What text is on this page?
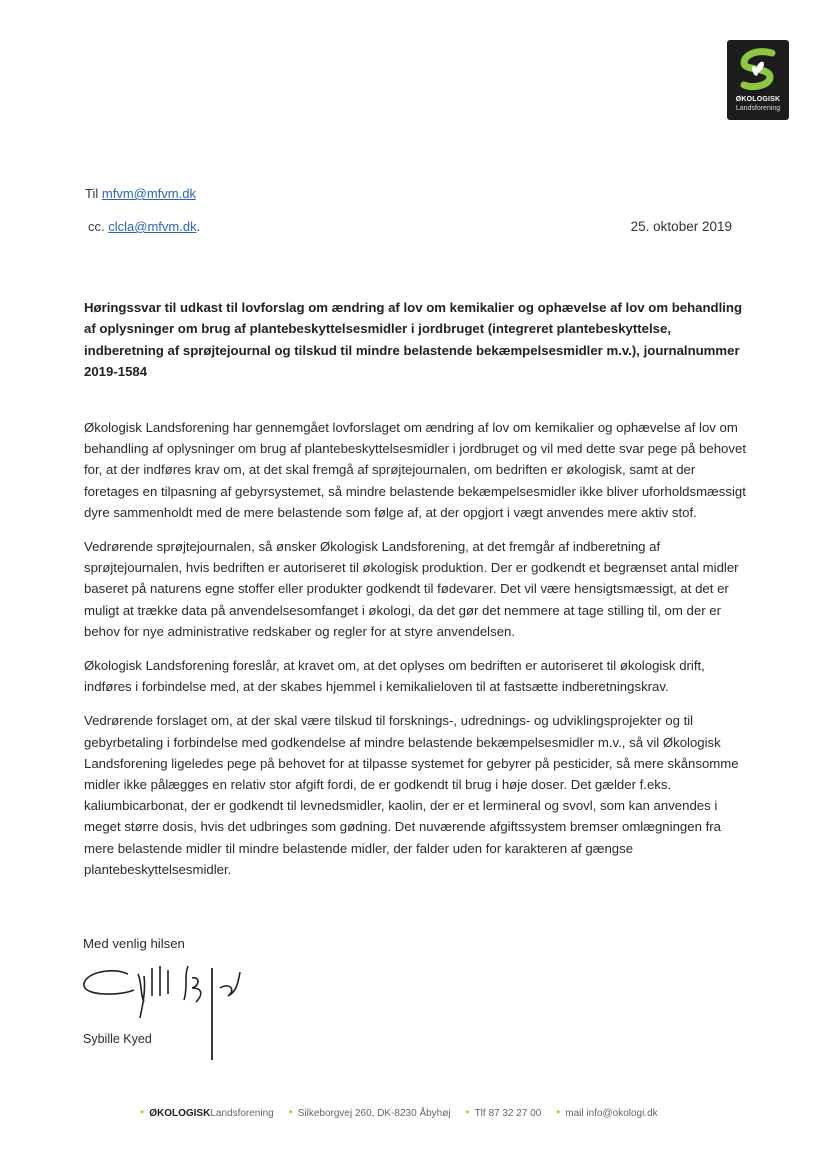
ØKOLOGISK
Landsforening
Til mfvm@mfvm.dk
cc. clcla@mfvm.dk.	25. oktober 2019
Høringssvar til udkast til lovforslag om ændring af lov om kemikalier og ophævelse af lov om behandling af oplysninger om brug af plantebeskyttelsesmidler i jordbruget (integreret plantebeskyttelse, indberetning af sprøjtejournal og tilskud til mindre belastende bekæmpelsesmidler m.v.), journalnummer 2019-1584

Økologisk Landsforening har gennemgået lovforslaget om ændring af lov om kemikalier og ophævelse af lov om behandling af oplysninger om brug af plantebeskyttelsesmidler i jordbruget og vil med dette svar pege på behovet for, at der indføres krav om, at det skal fremgå af sprøjtejournalen, om bedriften er økologisk, samt at der foretages en tilpasning af gebyrsystemet, så mindre belastende bekæmpelsesmidler ikke bliver uforholdsmæssigt dyre sammenholdt med de mere belastende som følge af, at der opgjort i vægt anvendes mere aktiv stof.

Vedrørende sprøjtejournalen, så ønsker Økologisk Landsforening, at det fremgår af indberetning af sprøjtejournalen, hvis bedriften er autoriseret til økologisk produktion. Der er godkendt et begrænset antal midler baseret på naturens egne stoffer eller produkter godkendt til fødevarer. Det vil være hensigtsmæssigt, at det er muligt at trække data på anvendelsesomfanget i økologi, da det gør det nemmere at tage stilling til, om der er behov for nye administrative redskaber og regler for at styre anvendelsen.

Økologisk Landsforening foreslår, at kravet om, at det oplyses om bedriften er autoriseret til økologisk drift, indføres i forbindelse med, at der skabes hjemmel i kemikalieloven til at fastsætte indberetningskrav.

Vedrørende forslaget om, at der skal være tilskud til forsknings-, udrednings- og udviklingsprojekter og til gebyrbetaling i forbindelse med godkendelse af mindre belastende bekæmpelsesmidler m.v., så vil Økologisk Landsforening ligeledes pege på behovet for at tilpasse systemet for gebyrer på pesticider, så mere skånsomme midler ikke pålægges en relativ stor afgift fordi, de er godkendt til brug i høje doser. Det gælder f.eks. kaliumbicarbonat, der er godkendt til levnedsmidler, kaolin, der er et lermineral og svovl, som kan anvendes i meget større dosis, hvis det udbringes som gødning. Det nuværende afgiftssystem bremser omlægningen fra mere belastende midler til mindre belastende midler, der falder uden for karakteren af gængse plantebeskyttelsesmidler.

Med venlig hilsen
Sybille Kyed
• ØKOLOGISKLandsforening • Silkeborgvej 260, DK-8230 Åbyhøj • Tlf 87 32 27 00 • mail info@okologi.dk
